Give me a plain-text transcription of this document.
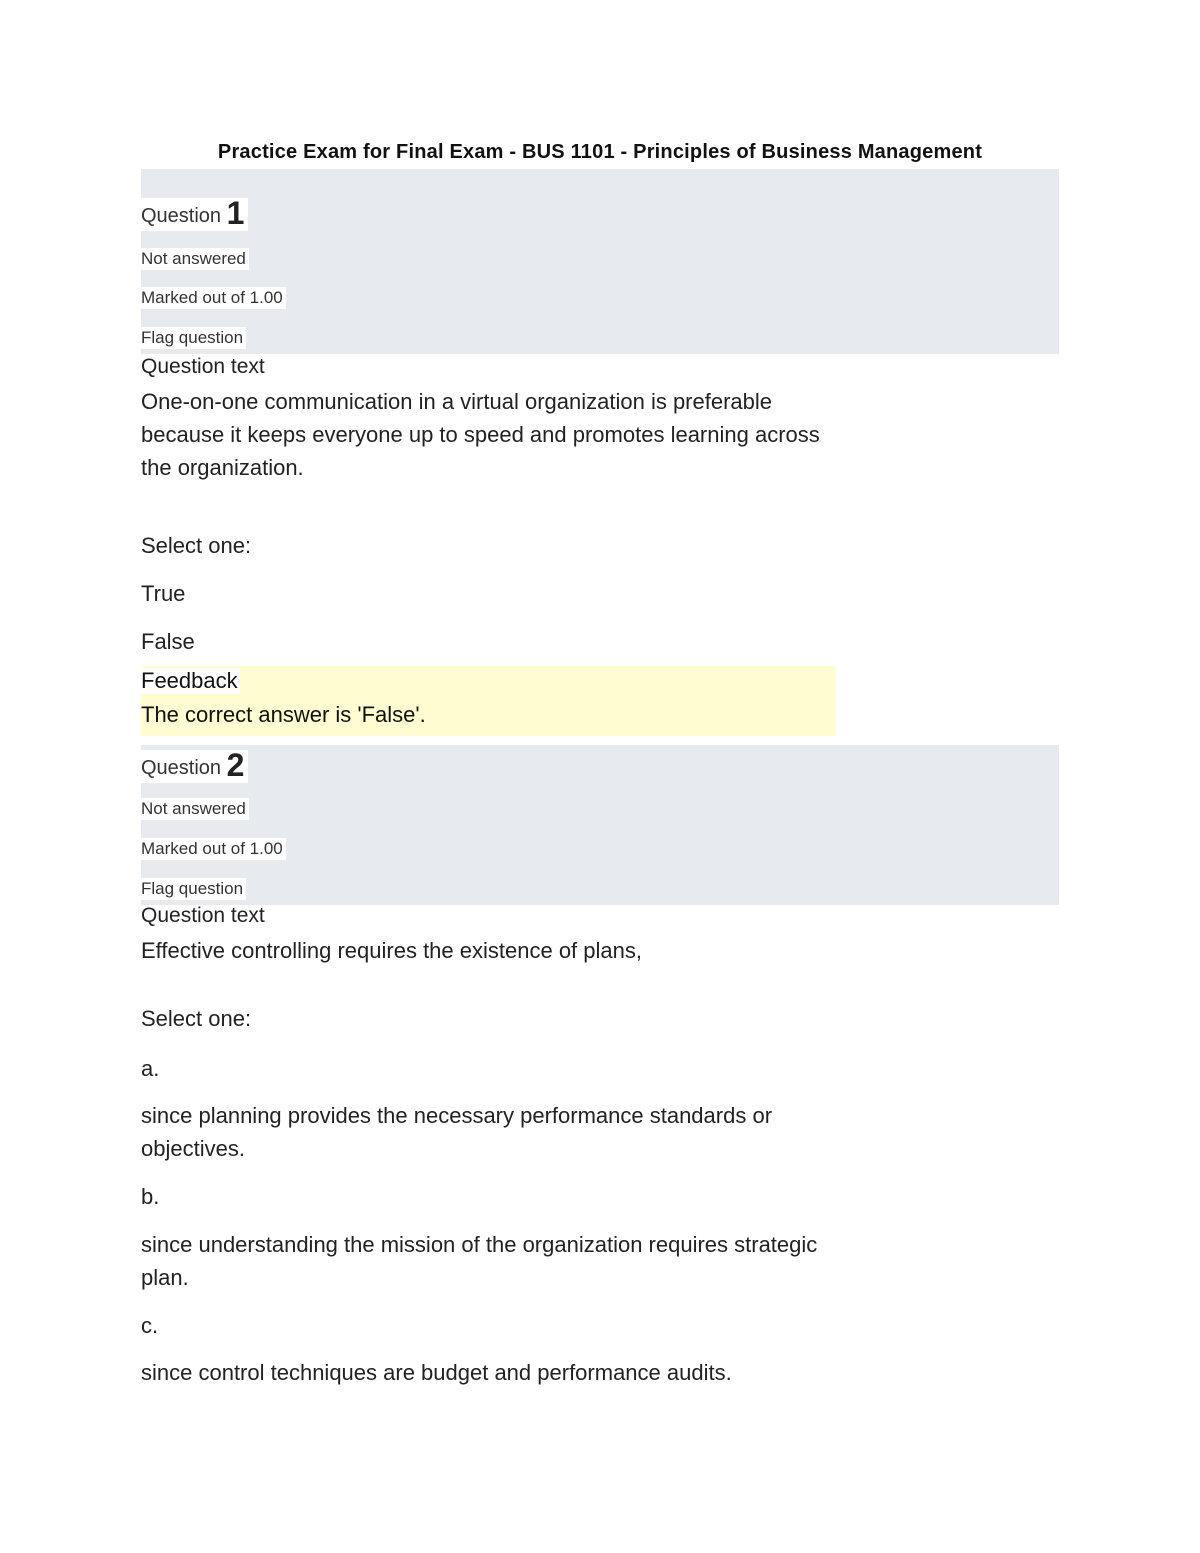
Practice Exam for Final Exam - BUS 1101 - Principles of Business Management
Question 1
Not answered
Marked out of 1.00
Flag question
Question text
One-on-one communication in a virtual organization is preferable because it keeps everyone up to speed and promotes learning across the organization.
Select one:
True
False
Feedback
The correct answer is 'False'.
Question 2
Not answered
Marked out of 1.00
Flag question
Question text
Effective controlling requires the existence of plans,
Select one:
a.
since planning provides the necessary performance standards or objectives.
b.
since understanding the mission of the organization requires strategic plan.
c.
since control techniques are budget and performance audits.
